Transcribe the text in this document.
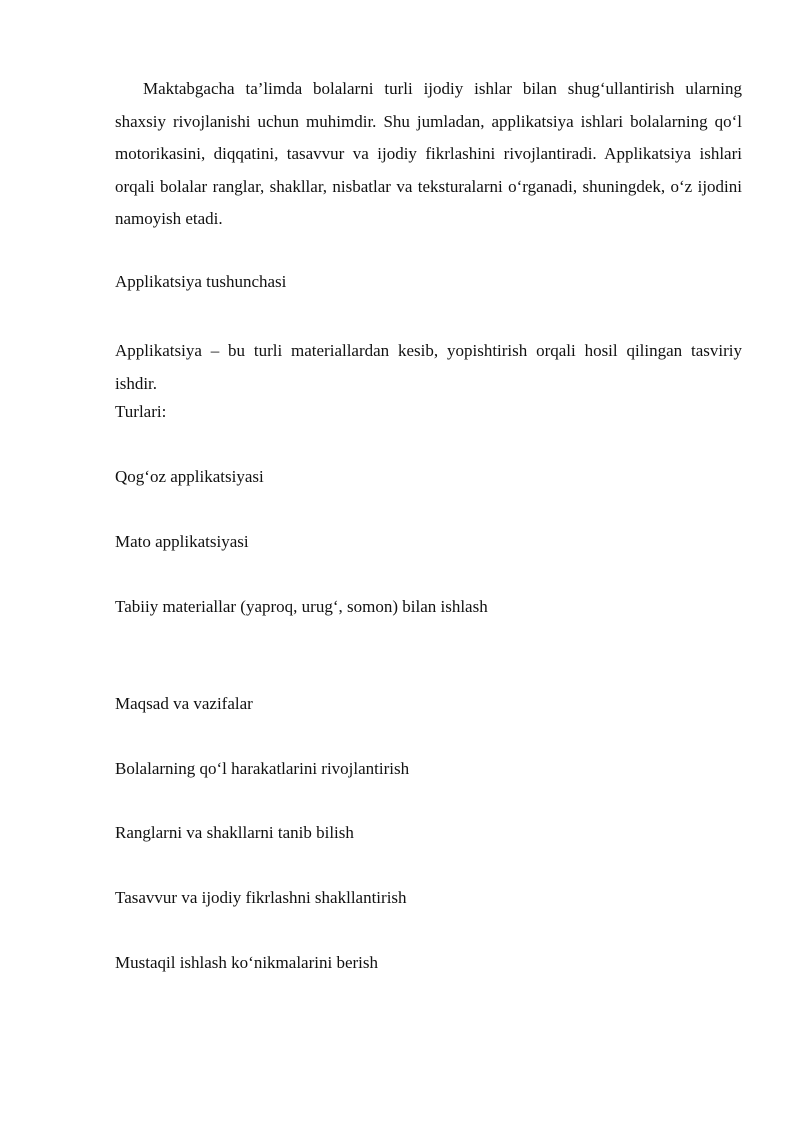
Maktabgacha ta’limda bolalarni turli ijodiy ishlar bilan shug‘ullantirish ularning shaxsiy rivojlanishi uchun muhimdir. Shu jumladan, applikatsiya ishlari bolalarning qo‘l motorikasini, diqqatini, tasavvur va ijodiy fikrlashini rivojlantiradi. Applikatsiya ishlari orqali bolalar ranglar, shakllar, nisbatlar va teksturalarni o‘rganadi, shuningdek, o‘z ijodini namoyish etadi.

Applikatsiya tushunchasi

Applikatsiya – bu turli materiallardan kesib, yopishtirish orqali hosil qilingan tasviriy ishdir.

Turlari:

Qog‘oz applikatsiyasi

Mato applikatsiyasi

Tabiiy materiallar (yaproq, urug‘, somon) bilan ishlash

Maqsad va vazifalar

Bolalarning qo‘l harakatlarini rivojlantirish

Ranglarni va shakllarni tanib bilish

Tasavvur va ijodiy fikrlashni shakllantirish

Mustaqil ishlash ko‘nikmalarini berish
